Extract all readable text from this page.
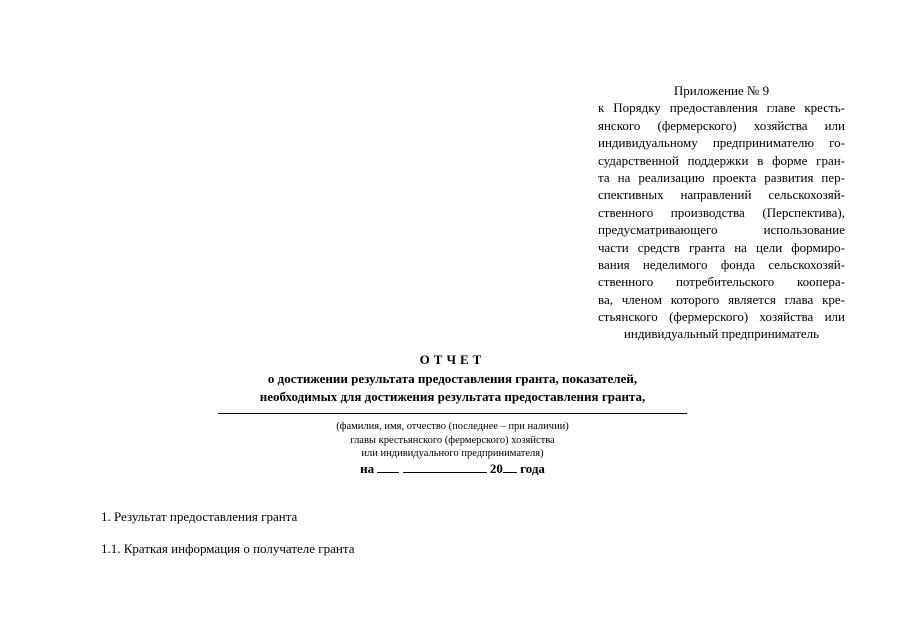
Приложение № 9
к Порядку предоставления главе кресть-
янского (фермерского) хозяйства или
индивидуальному предпринимателю го-
сударственной поддержки в форме гран-
та на реализацию проекта развития пер-
спективных направлений сельскохозяй-
ственного производства (Перспектива),
предусматривающего использование
части средств гранта на цели формиро-
вания неделимого фонда сельскохозяй-
ственного потребительского коопера-
ва, членом которого является глава кре-
стьянского (фермерского) хозяйства или
индивидуальный предприниматель
ОТЧЕТ
о достижении результата предоставления гранта, показателей,
необходимых для достижения результата предоставления гранта,
(фамилия, имя, отчество (последнее – при наличии)
главы крестьянского (фермерского) хозяйства
или индивидуального предпринимателя)
на	20 года
1. Результат предоставления гранта
1.1. Краткая информация о получателе гранта
